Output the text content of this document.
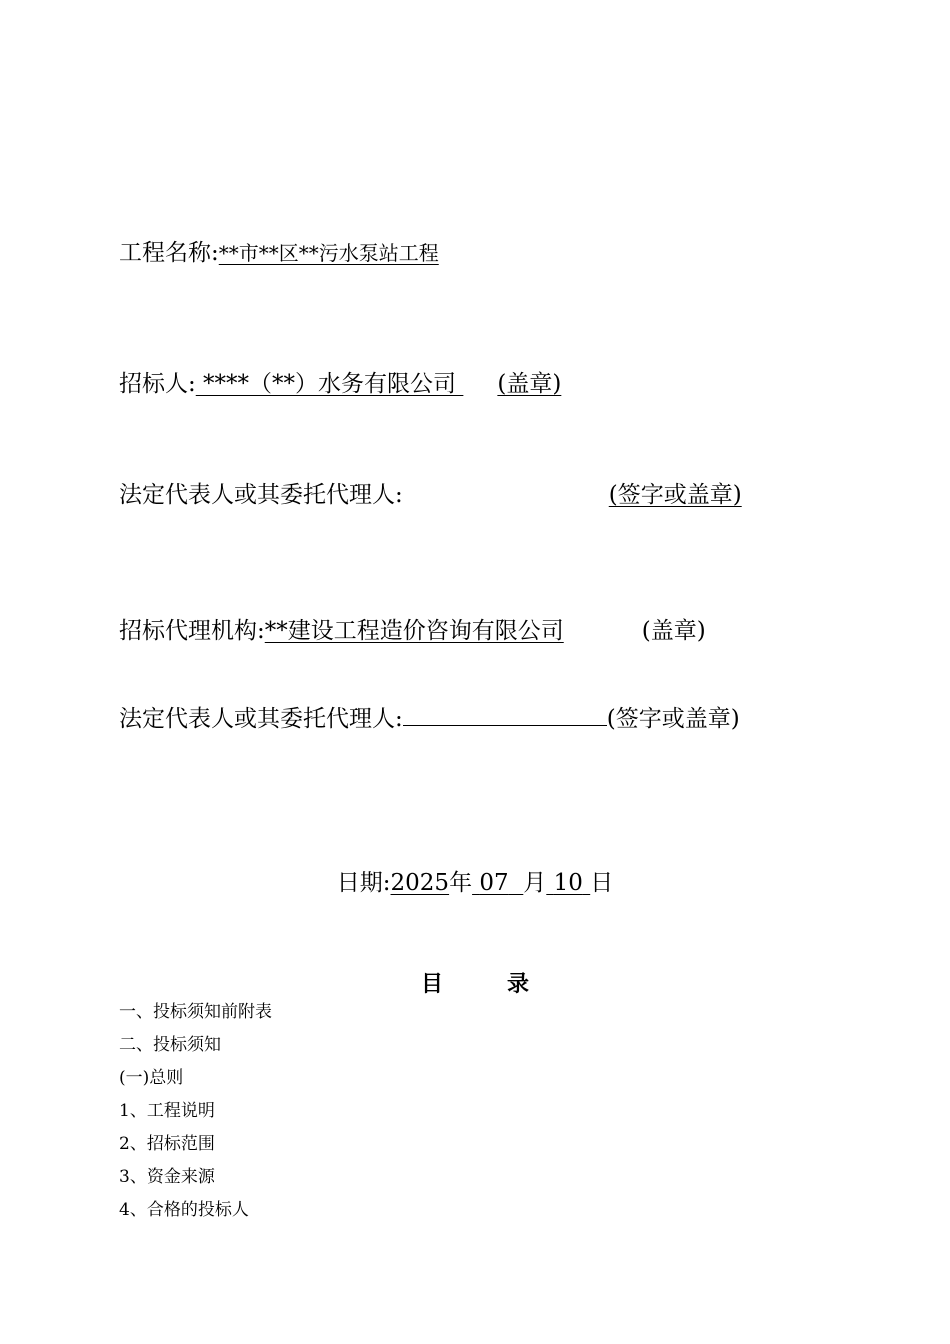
工程名称:**市**区**污水泵站工程
招标人: ****（**）水务有限公司 (盖章)
法定代表人或其委托代理人:	(签字或盖章)
招标代理机构:**建设工程造价咨询有限公司	(盖章)
法定代表人或其委托代理人:	(签字或盖章)
日期:2025年 07 月 10 日
目	录
一、投标须知前附表
二、投标须知
(一)总则
1、工程说明
2、招标范围
3、资金来源
4、合格的投标人
